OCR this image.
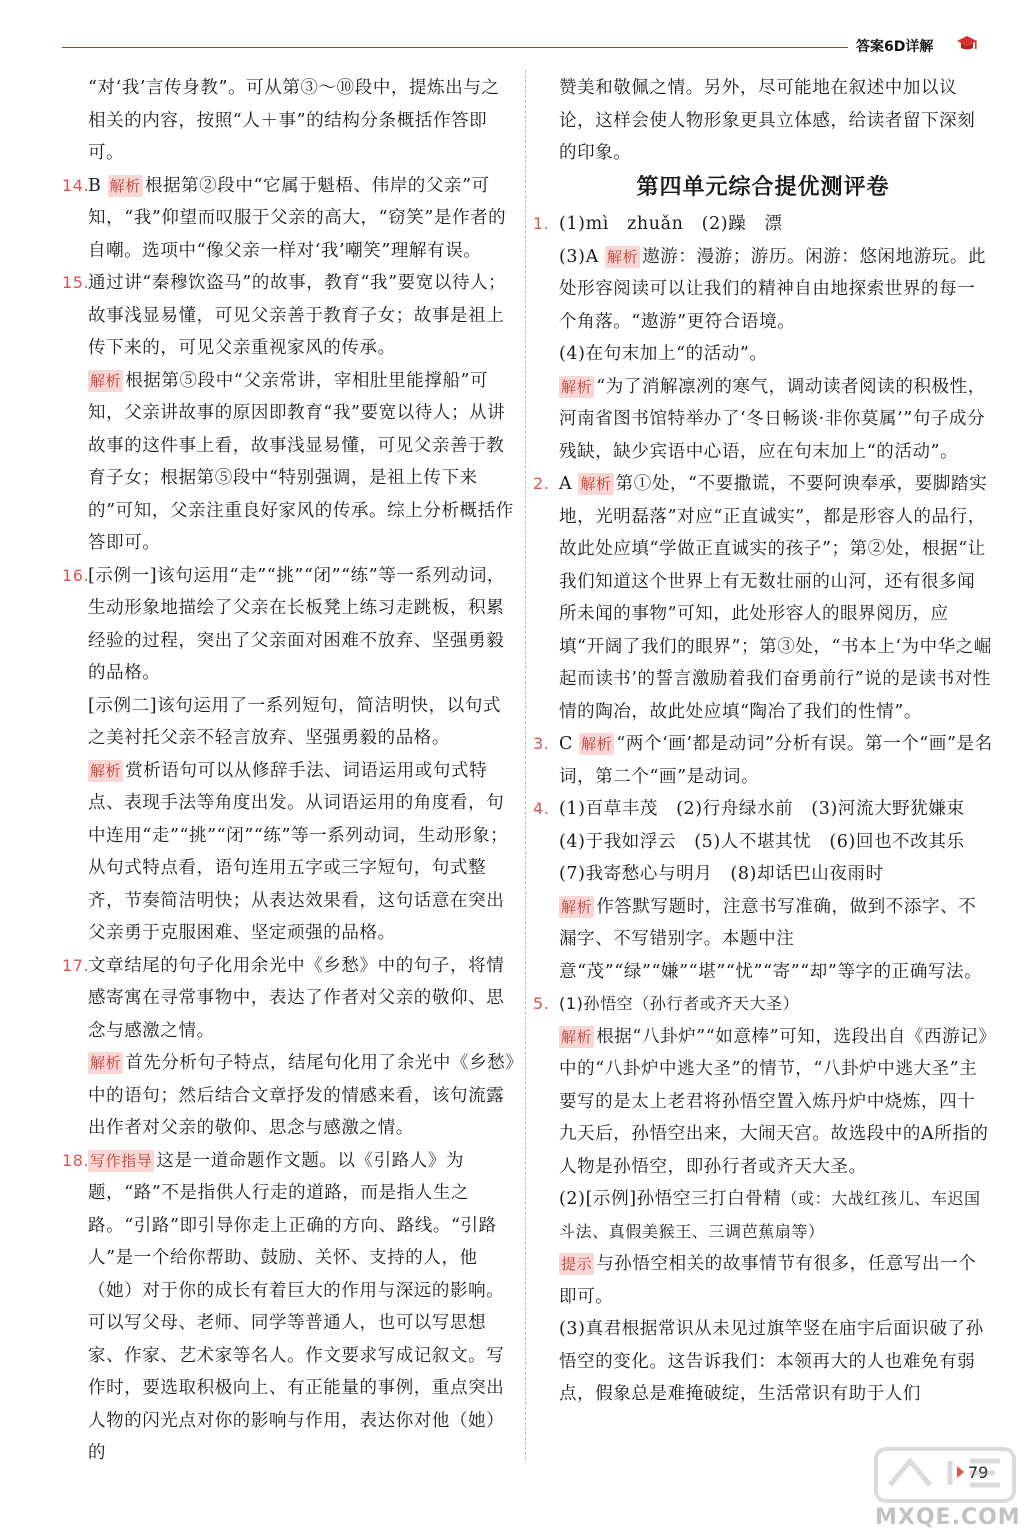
答案6D详解

“对‘我’言传身教”。可从第③～⑩段中，提炼出与之相关的内容，按照“人＋事”的结构分条概括作答即可。

14.
B 解析 根据第②段中“它属于魁梧、伟岸的父亲”可知，“我”仰望而叹服于父亲的高大，“窃笑”是作者的自嘲。选项中“像父亲一样对‘我’嘲笑”理解有误。

15.
通过讲“秦穆饮盗马”的故事，教育“我”要宽以待人；故事浅显易懂，可见父亲善于教育子女；故事是祖上传下来的，可见父亲重视家风的传承。

解析 根据第⑤段中“父亲常讲，宰相肚里能撑船”可知，父亲讲故事的原因即教育“我”要宽以待人；从讲故事的这件事上看，故事浅显易懂，可见父亲善于教育子女；根据第⑤段中“特别强调，是祖上传下来的”可知，父亲注重良好家风的传承。综上分析概括作答即可。

16.
[示例一]该句运用“走”“挑”“闭”“练”等一系列动词，生动形象地描绘了父亲在长板凳上练习走跳板，积累经验的过程，突出了父亲面对困难不放弃、坚强勇毅的品格。

[示例二]该句运用了一系列短句，简洁明快，以句式之美衬托父亲不轻言放弃、坚强勇毅的品格。

解析 赏析语句可以从修辞手法、词语运用或句式特点、表现手法等角度出发。从词语运用的角度看，句中连用“走”“挑”“闭”“练”等一系列动词，生动形象；从句式特点看，语句连用五字或三字短句，句式整齐，节奏简洁明快；从表达效果看，这句话意在突出父亲勇于克服困难、坚定顽强的品格。

17.
文章结尾的句子化用余光中《乡愁》中的句子，将情感寄寓在寻常事物中，表达了作者对父亲的敬仰、思念与感激之情。

解析 首先分析句子特点，结尾句化用了余光中《乡愁》中的语句；然后结合文章抒发的情感来看，该句流露出作者对父亲的敬仰、思念与感激之情。

18. 写作指导 这是一道命题作文题。以《引路人》为题，“路”不是指供人行走的道路，而是指人生之路。“引路”即引导你走上正确的方向、路线。“引路人”是一个给你帮助、鼓励、关怀、支持的人，他（她）对于你的成长有着巨大的作用与深远的影响。可以写父母、老师、同学等普通人，也可以写思想家、作家、艺术家等名人。作文要求写成记叙文。写作时，要选取积极向上、有正能量的事例，重点突出人物的闪光点对你的影响与作用，表达你对他（她）的

赞美和敬佩之情。另外，尽可能地在叙述中加以议论，这样会使人物形象更具立体感，给读者留下深刻的印象。

第四单元综合提优测评卷

1. (1)mì　zhuǎn　(2)躁　漂

(3)A 解析 遨游：漫游；游历。闲游：悠闲地游玩。此处形容阅读可以让我们的精神自由地探索世界的每一个角落。“遨游”更符合语境。

(4)在句末加上“的活动”。

解析 “为了消解凛冽的寒气，调动读者阅读的积极性，河南省图书馆特举办了‘冬日畅谈·非你莫属’”句子成分残缺，缺少宾语中心语，应在句末加上“的活动”。

2. A 解析 第①处，“不要撒谎，不要阿谀奉承，要脚踏实地，光明磊落”对应“正直诚实”，都是形容人的品行，故此处应填“学做正直诚实的孩子”；第②处，根据“让我们知道这个世界上有无数壮丽的山河，还有很多闻所未闻的事物”可知，此处形容人的眼界阅历，应填“开阔了我们的眼界”；第③处，“书本上‘为中华之崛起而读书’的誓言激励着我们奋勇前行”说的是读书对性情的陶冶，故此处应填“陶冶了我们的性情”。

3. C 解析 “两个‘画’都是动词”分析有误。第一个“画”是名词，第二个“画”是动词。

4. (1)百草丰茂　(2)行舟绿水前　(3)河流大野犹嫌束　(4)于我如浮云　(5)人不堪其忧　(6)回也不改其乐　(7)我寄愁心与明月　(8)却话巴山夜雨时

解析 作答默写题时，注意书写准确，做到不添字、不漏字、不写错别字。本题中注意“茂”“绿”“嫌”“堪”“忧”“寄”“却”等字的正确写法。

5. (1)孙悟空（孙行者或齐天大圣）

解析 根据“八卦炉”“如意棒”可知，选段出自《西游记》中的“八卦炉中逃大圣”的情节，“八卦炉中逃大圣”主要写的是太上老君将孙悟空置入炼丹炉中烧炼，四十九天后，孙悟空出来，大闹天宫。故选段中的A所指的人物是孙悟空，即孙行者或齐天大圣。

(2)[示例]孙悟空三打白骨精（或：大战红孩儿、车迟国斗法、真假美猴王、三调芭蕉扇等）

提示 与孙悟空相关的故事情节有很多，任意写出一个即可。

(3)真君根据常识从未见过旗竿竖在庙宇后面识破了孙悟空的变化。这告诉我们：本领再大的人也难免有弱点，假象总是难掩破绽，生活常识有助于人们

79
MXQE.COM
